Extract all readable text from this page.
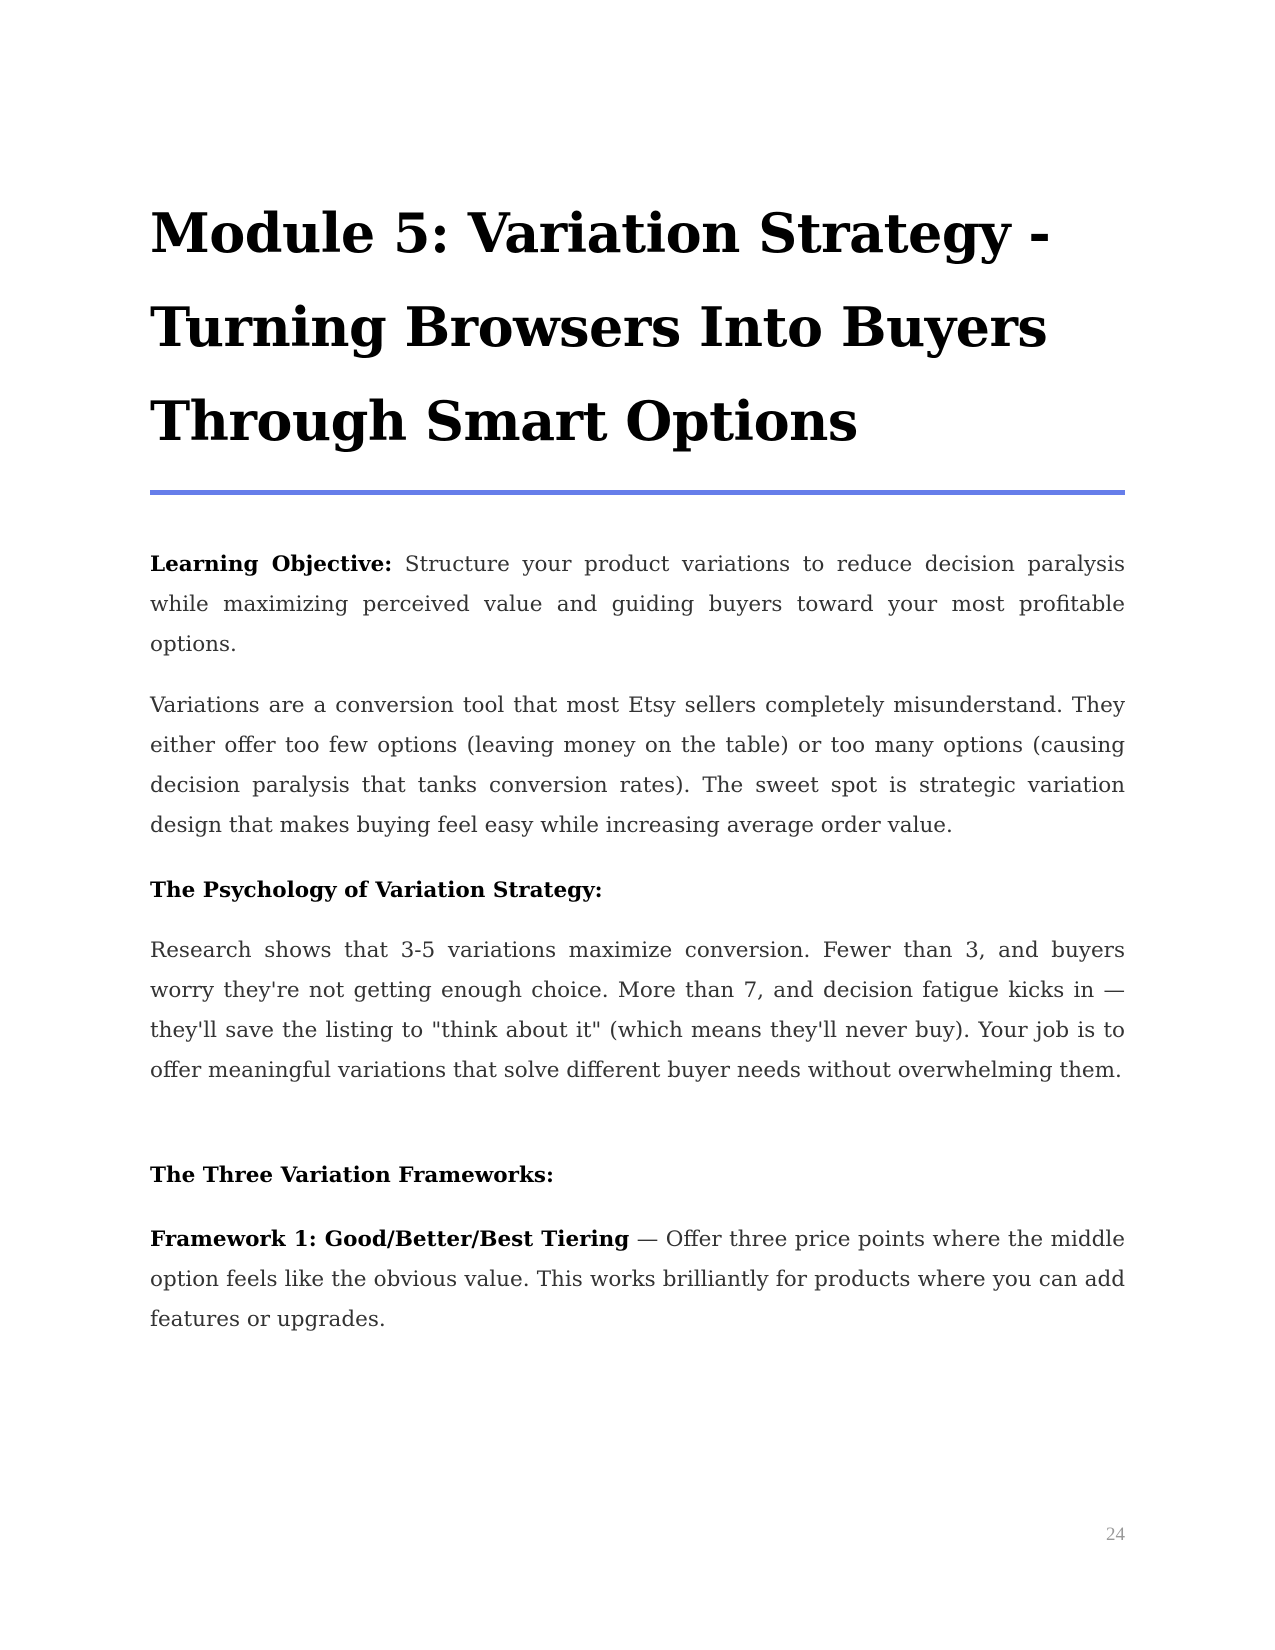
Module 5: Variation Strategy - Turning Browsers Into Buyers Through Smart Options

Learning Objective: Structure your product variations to reduce decision paralysis while maximizing perceived value and guiding buyers toward your most profitable options.

Variations are a conversion tool that most Etsy sellers completely misunderstand. They either offer too few options (leaving money on the table) or too many options (causing decision paralysis that tanks conversion rates). The sweet spot is strategic variation design that makes buying feel easy while increasing average order value.

The Psychology of Variation Strategy:

Research shows that 3-5 variations maximize conversion. Fewer than 3, and buyers worry they're not getting enough choice. More than 7, and decision fatigue kicks in — they'll save the listing to "think about it" (which means they'll never buy). Your job is to offer meaningful variations that solve different buyer needs without overwhelming them.

The Three Variation Frameworks:

Framework 1: Good/Better/Best Tiering — Offer three price points where the middle option feels like the obvious value. This works brilliantly for products where you can add features or upgrades.

24
